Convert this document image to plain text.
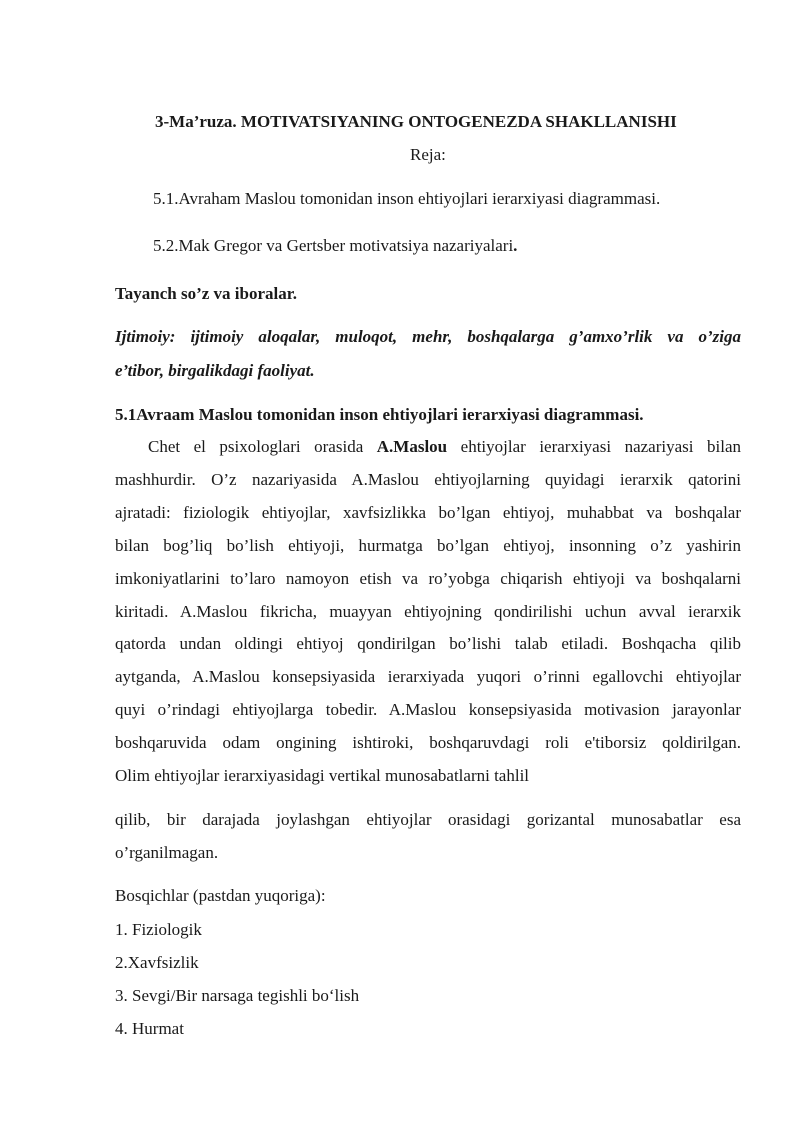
3-Ma’ruza. MOTIVATSIYANING ONTOGENEZDA SHAKLLANISHI
Reja:
5.1.Avraham Maslou tomonidan inson ehtiyojlari ierarxiyasi diagrammasi.
5.2.Mak Gregor va Gertsber motivatsiya nazariyalari.
Tayanch so’z va iboralar.
Ijtimoiy: ijtimoiy aloqalar, muloqot, mehr, boshqalarga g’amxo’rlik va o’ziga
e’tibor, birgalikdagi faoliyat.
5.1Avraam Maslou tomonidan inson ehtiyojlari ierarxiyasi diagrammasi.
Chet el psixologlari orasida A.Maslou ehtiyojlar ierarxiyasi nazariyasi bilan
mashhurdir. O’z nazariyasida A.Maslou ehtiyojlarning quyidagi ierarxik qatorini
ajratadi: fiziologik ehtiyojlar, xavfsizlikka bo’lgan ehtiyoj, muhabbat va boshqalar
bilan bog’liq bo’lish ehtiyoji, hurmatga bo’lgan ehtiyoj, insonning o’z yashirin
imkoniyatlarini to’laro namoyon etish va ro’yobga chiqarish ehtiyoji va boshqalarni
kiritadi. A.Maslou fikricha, muayyan ehtiyojning qondirilishi uchun avval ierarxik
qatorda undan oldingi ehtiyoj qondirilgan bo’lishi talab etiladi. Boshqacha qilib
aytganda, A.Maslou konsepsiyasida ierarxiyada yuqori o’rinni egallovchi ehtiyojlar
quyi o’rindagi ehtiyojlarga tobedir. A.Maslou konsepsiyasida motivasion jarayonlar
boshqaruvida odam ongining ishtiroki, boshqaruvdagi roli e'tiborsiz qoldirilgan.
Olim ehtiyojlar ierarxiyasidagi vertikal munosabatlarni tahlil
qilib, bir darajada joylashgan ehtiyojlar orasidagi gorizantal munosabatlar esa
o’rganilmagan.
Bosqichlar (pastdan yuqoriga):
1. Fiziologik
2.Xavfsizlik
3. Sevgi/Bir narsaga tegishli bo‘lish
4. Hurmat
